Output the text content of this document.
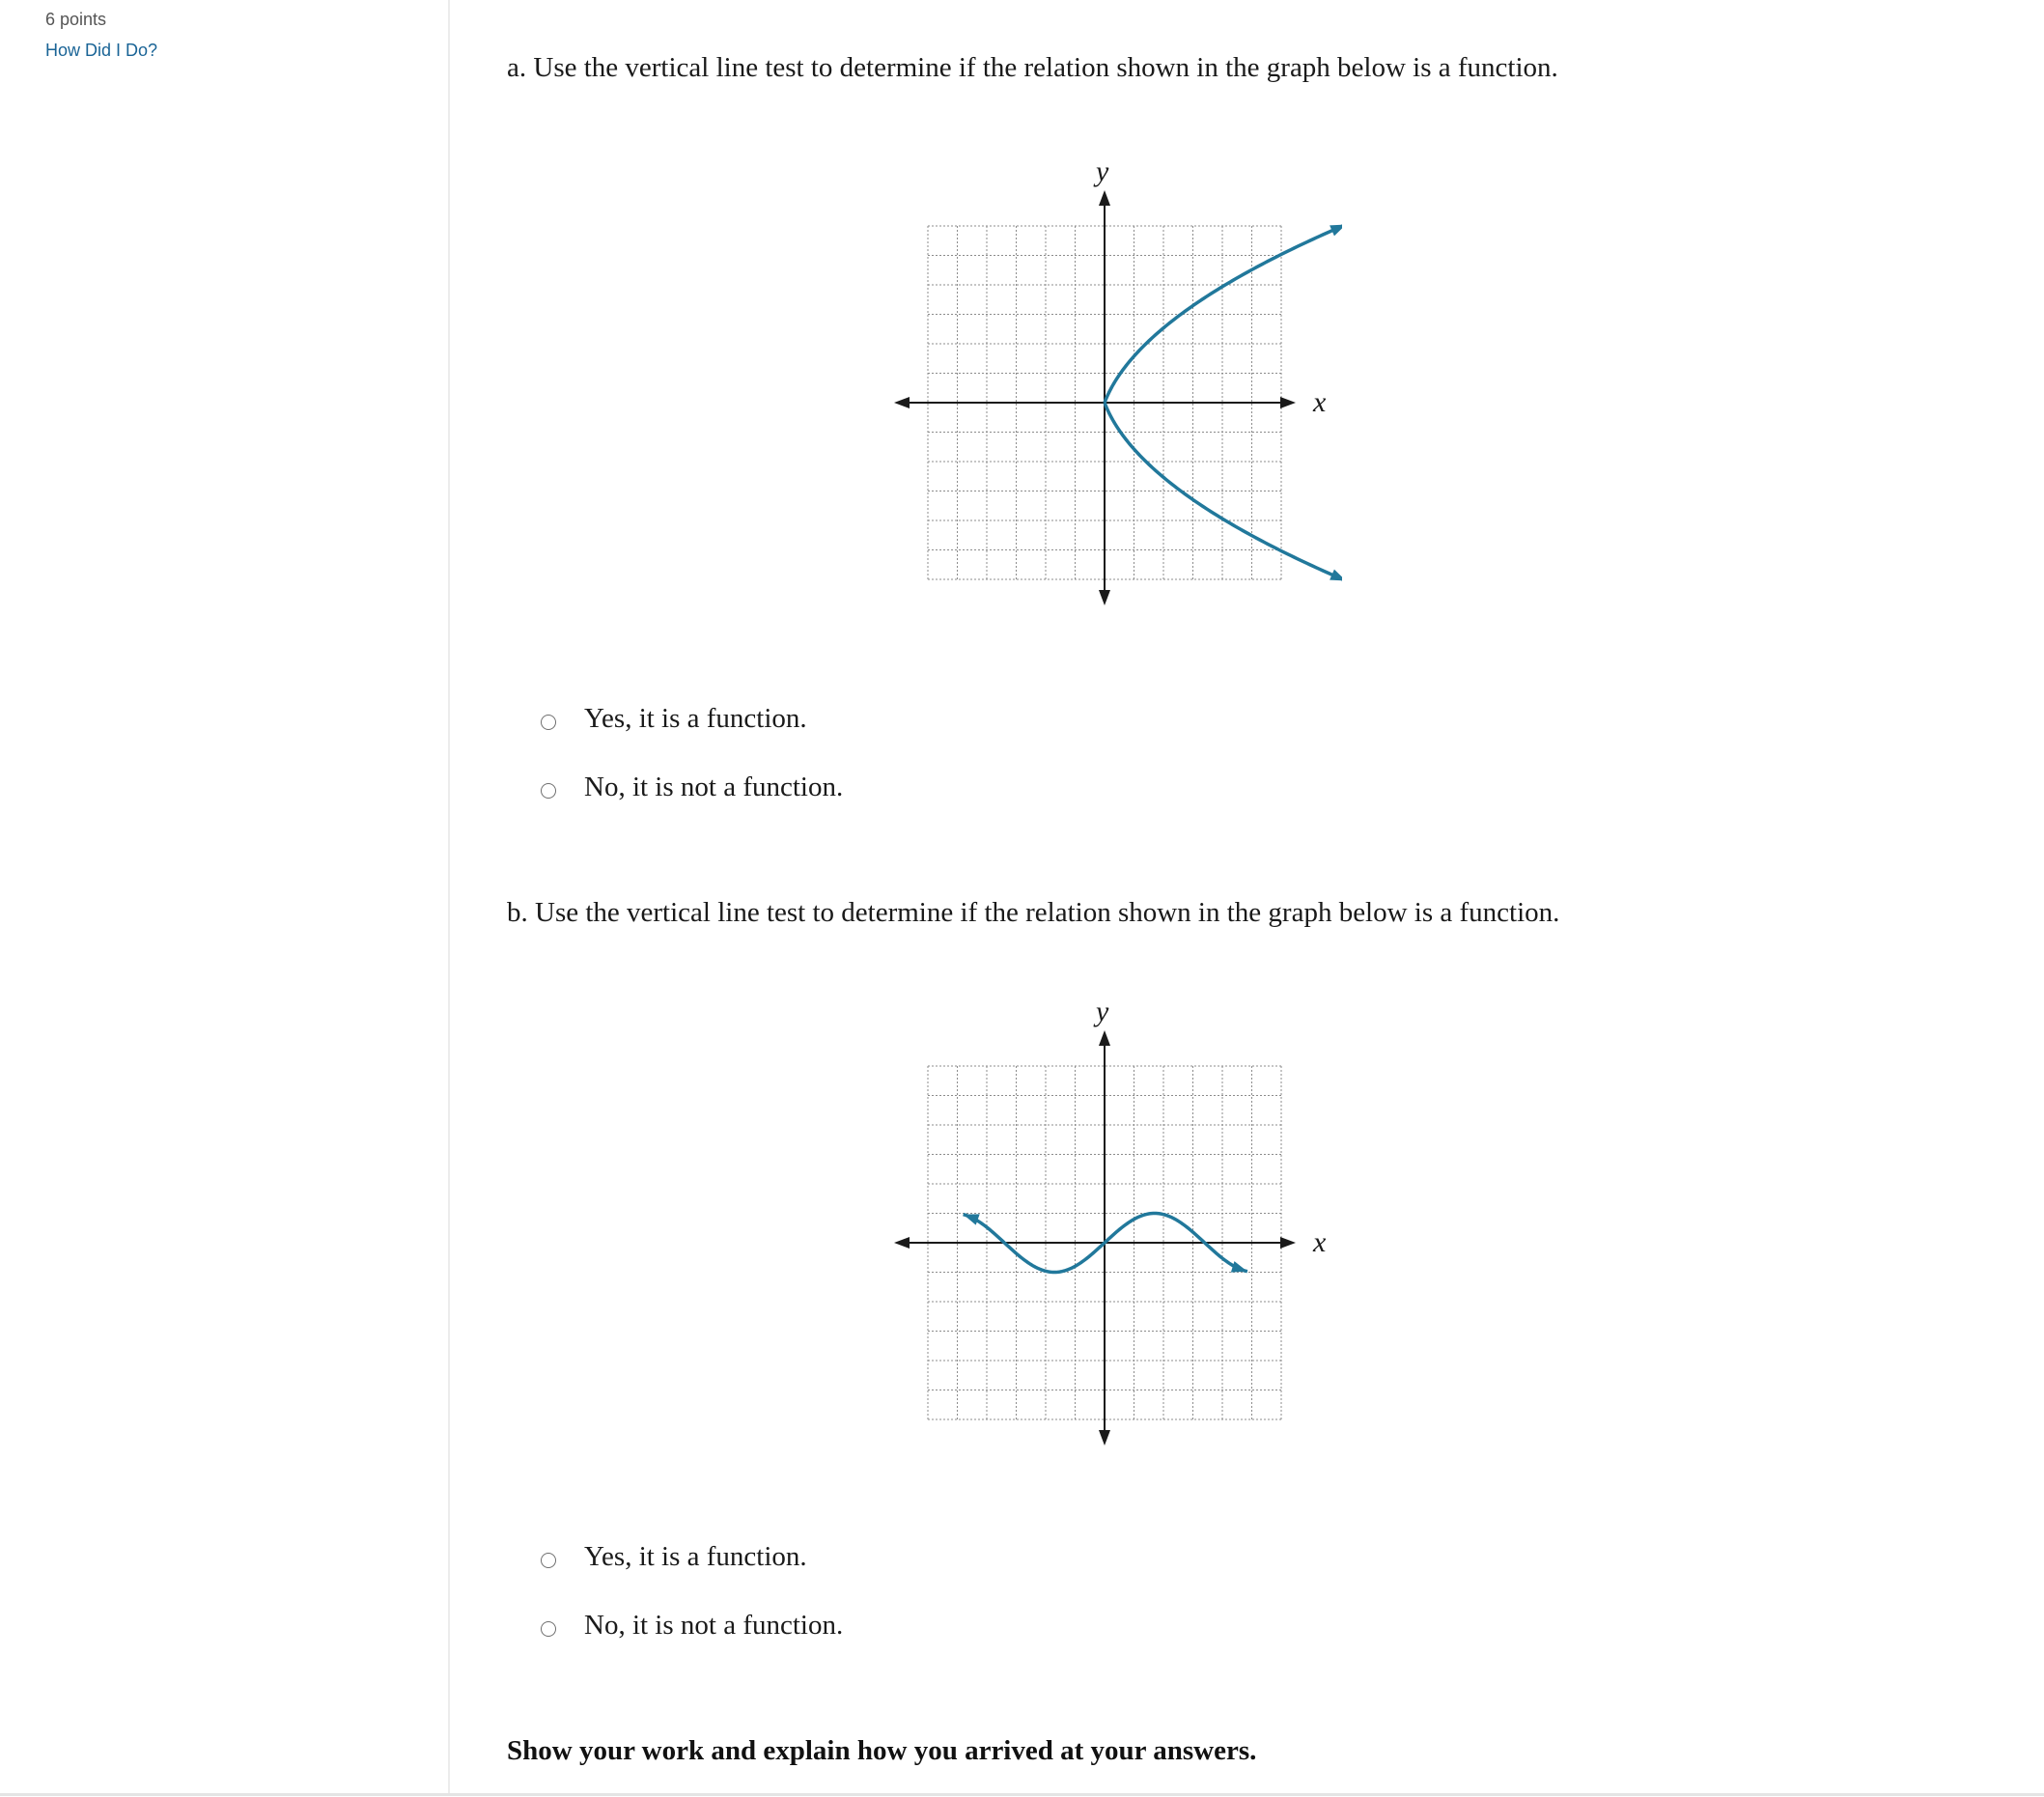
6 points
How Did I Do?
a. Use the vertical line test to determine if the relation shown in the graph below is a function.
y
x
Yes, it is a function.
No, it is not a function.
b. Use the vertical line test to determine if the relation shown in the graph below is a function.
y
x
Yes, it is a function.
No, it is not a function.
Show your work and explain how you arrived at your answers.
